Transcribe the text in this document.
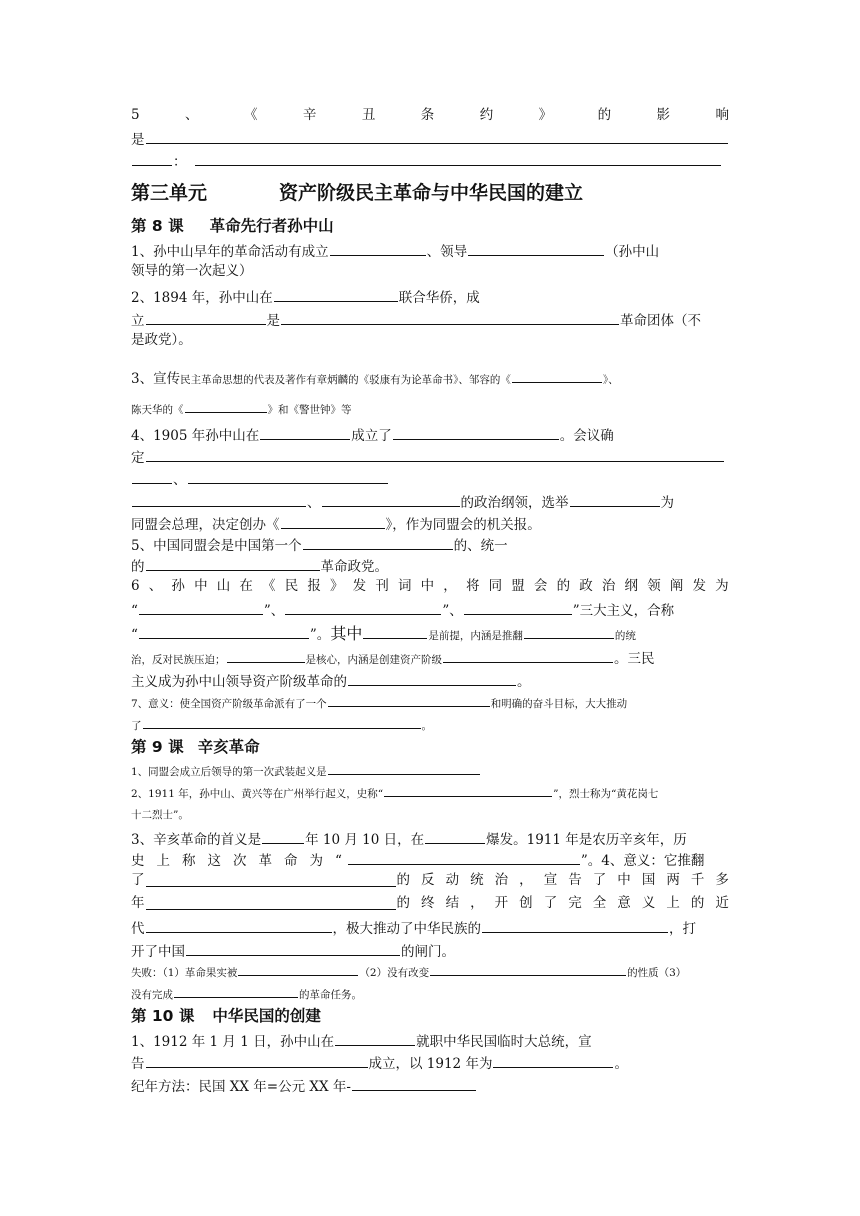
5	、	《	辛	丑	条	约	》	的	影	响
是
：
第三单元	资产阶级民主革命与中华民国的建立
第 8 课 革命先行者孙中山
1、孙中山早年的革命活动有成立	、领导	（孙中山
领导的第一次起义）
2、1894 年，孙中山在	联合华侨，成
立	是	革命团体（不
是政党）。
3、宣传民主革命思想的代表及著作有章炳麟的《驳康有为论革命书》、邹容的《	》、
陈天华的《	》和《警世钟》等
4、1905 年孙中山在	成立了	。会议确
定
、
、	的政治纲领，选举	为
同盟会总理，决定创办《	》，作为同盟会的机关报。
5、中国同盟会是中国第一个	的、统一
的	革命政党。
6 、 孙 中 山 在 《 民 报 》 发 刊 词 中 ， 将 同 盟 会 的 政 治 纲 领 阐 发 为
“	”、	”、	”三大主义，合称
“	”。其中	是前提，内涵是推翻	的统
治，反对民族压迫；	是核心，内涵是创建资产阶级	。三民
主义成为孙中山领导资产阶级革命的	。
7、意义：使全国资产阶级革命派有了一个	和明确的奋斗目标，大大推动
了	。
第 9 课 辛亥革命
1、同盟会成立后领导的第一次武装起义是
2、1911 年，孙中山、黄兴等在广州举行起义，史称“	”，烈士称为“黄花岗七
十二烈士”。
3、辛亥革命的首义是	年 10 月 10 日，在	爆发。1911 年是农历辛亥年，历
史 上 称 这 次 革 命 为 “	”。4、意义：它推翻
了	的 反 动 统 治 ， 宣 告 了 中 国 两 千 多
年	的 终 结 ， 开 创 了 完 全 意 义 上 的 近
代	，极大推动了中华民族的	，打
开了中国	的闸门。
失败：（1）革命果实被	（2）没有改变	的性质（3）
没有完成	的革命任务。
第 10 课 中华民国的创建
1、1912 年 1 月 1 日，孙中山在	就职中华民国临时大总统，宣
告	成立，以 1912 年为	。
纪年方法：民国 XX 年=公元 XX 年-
